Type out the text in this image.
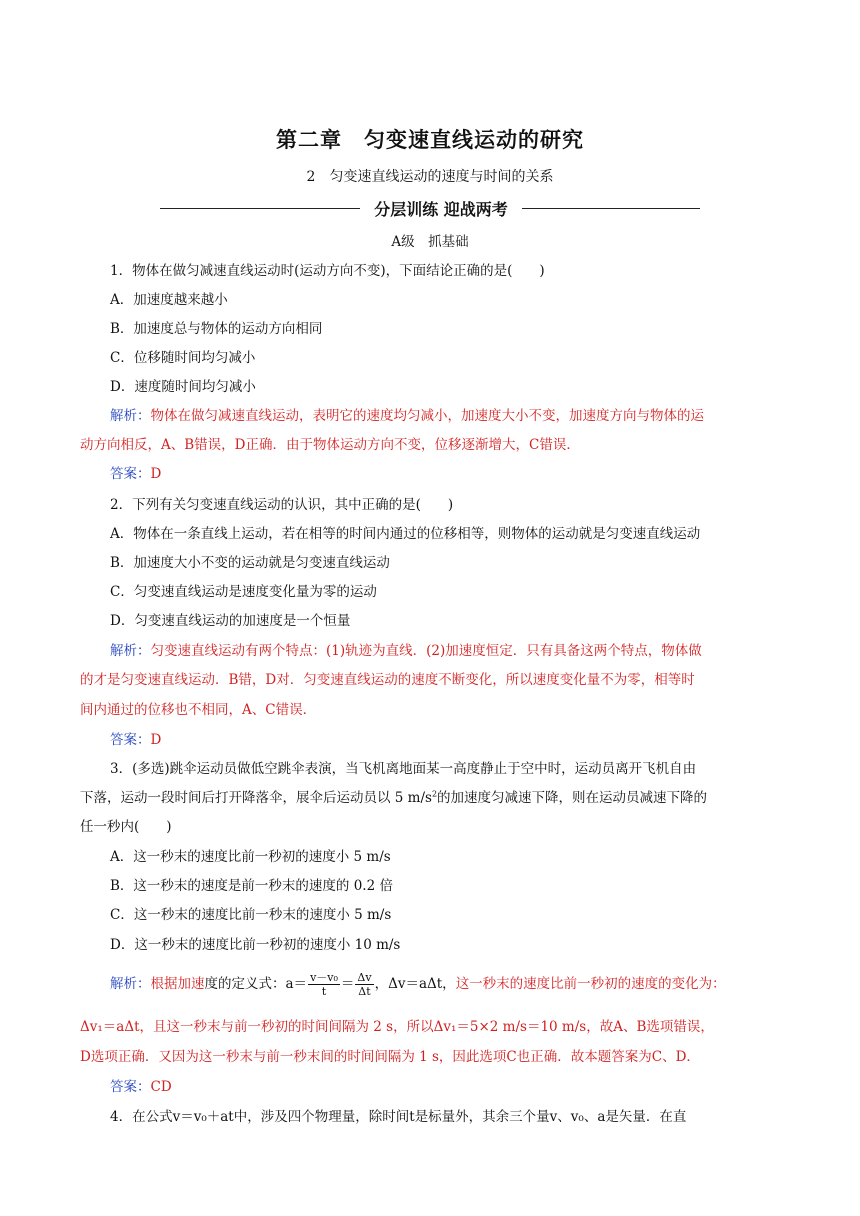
第二章　匀变速直线运动的研究
2　匀变速直线运动的速度与时间的关系
分层训练 迎战两考
A级　抓基础
1．物体在做匀减速直线运动时(运动方向不变)，下面结论正确的是(　　)
A．加速度越来越小
B．加速度总与物体的运动方向相同
C．位移随时间均匀减小
D．速度随时间均匀减小
解析：物体在做匀减速直线运动，表明它的速度均匀减小，加速度大小不变，加速度方向与物体的运
动方向相反，A、B错误，D正确．由于物体运动方向不变，位移逐渐增大，C错误．
答案：D
2．下列有关匀变速直线运动的认识，其中正确的是(　　)
A．物体在一条直线上运动，若在相等的时间内通过的位移相等，则物体的运动就是匀变速直线运动
B．加速度大小不变的运动就是匀变速直线运动
C．匀变速直线运动是速度变化量为零的运动
D．匀变速直线运动的加速度是一个恒量
解析：匀变速直线运动有两个特点：(1)轨迹为直线．(2)加速度恒定．只有具备这两个特点，物体做
的才是匀变速直线运动．B错，D对．匀变速直线运动的速度不断变化，所以速度变化量不为零，相等时
间内通过的位移也不相同，A、C错误．
答案：D
3．(多选)跳伞运动员做低空跳伞表演，当飞机离地面某一高度静止于空中时，运动员离开飞机自由
下落，运动一段时间后打开降落伞，展伞后运动员以 5 $m/s^2$的加速度匀减速下降，则在运动员减速下降的
任一秒内(　　)
A．这一秒末的速度比前一秒初的速度小 5 m/s
B．这一秒末的速度是前一秒末的速度的 0.2 倍
C．这一秒末的速度比前一秒末的速度小 5 m/s
D．这一秒末的速度比前一秒初的速度小 10 m/s
解析：根据加速度的定义式：$a= \frac{\text{v－v₀}}{t} = \frac{\Delta v}{\Delta t}$ ，Δv＝aΔt，这一秒末的速度比前一秒初的速度的变化为：
Δv₁＝aΔt，且这一秒末与前一秒初的时间间隔为 2 s，所以Δv₁＝5×2 m/s＝10 m/s，故A、B选项错误，
D选项正确．又因为这一秒末与前一秒末间的时间间隔为 1 s，因此选项C也正确．故本题答案为C、D．
答案：CD
4．在公式v＝v₀＋at中，涉及四个物理量，除时间t是标量外，其余三个量v、v₀、a是矢量．在直
